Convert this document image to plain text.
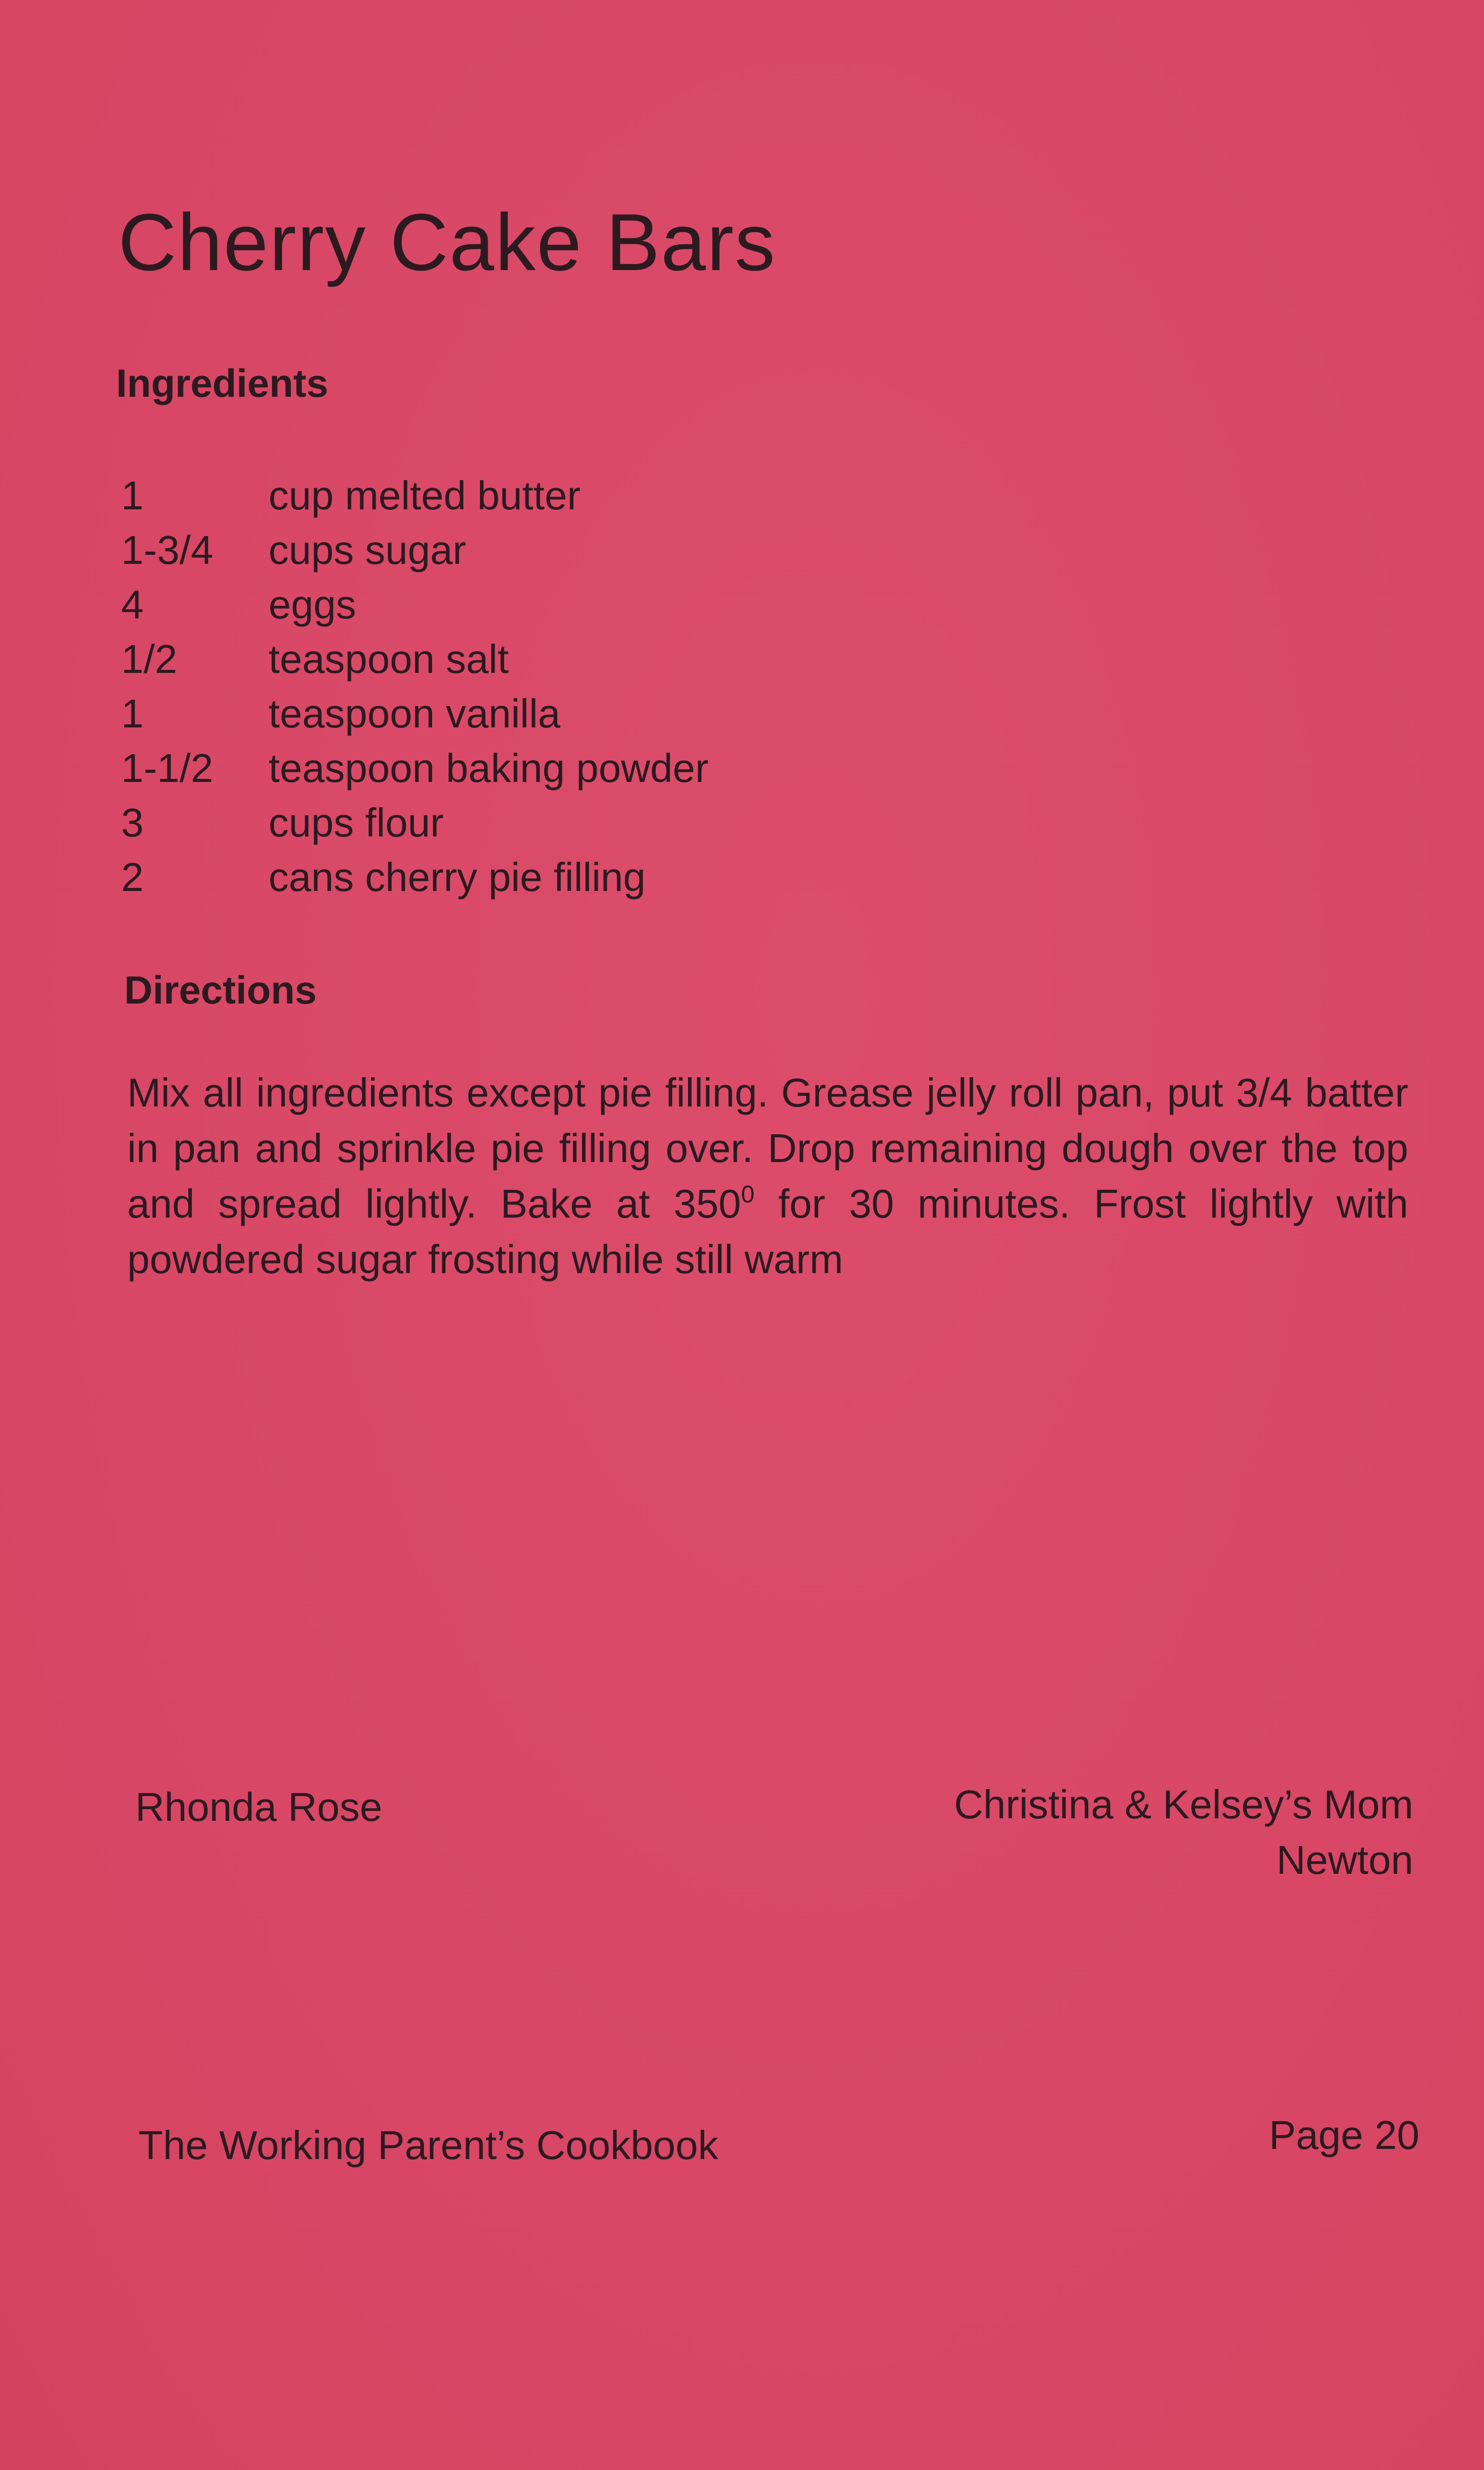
Cherry Cake Bars
Ingredients
1	cup melted butter
1-3/4 cups sugar
4	eggs
1/2 teaspoon salt
1	teaspoon vanilla
1-1/2 teaspoon baking powder
3	cups flour
2	cans cherry pie filling
Directions

Mix all ingredients except pie filling. Grease jelly roll pan, put 3/4 batter in pan and sprinkle pie filling over. Drop remaining dough over the top and spread lightly. Bake at $350^0$ for 30 minutes. Frost lightly with powdered sugar frosting while still warm

Rhonda Rose	Christina & Kelsey’s Mom
Newton
The Working Parent’s Cookbook	Page 20
